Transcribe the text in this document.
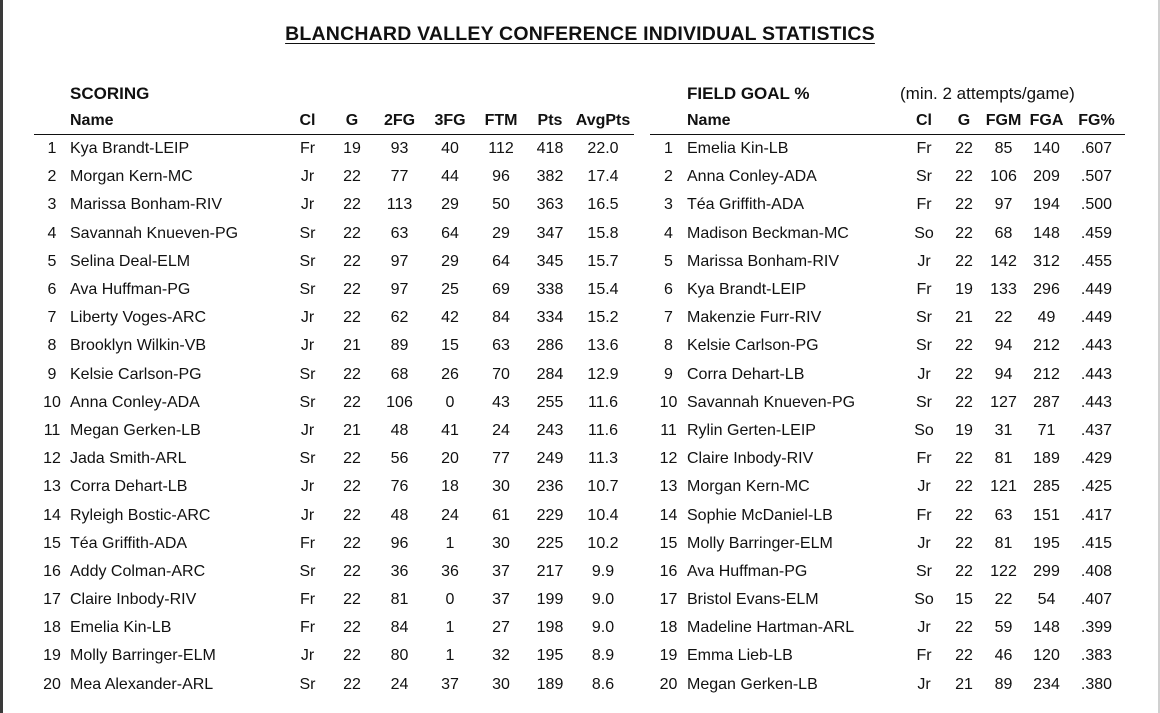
BLANCHARD VALLEY CONFERENCE INDIVIDUAL STATISTICS
SCORING	FIELD GOAL %	(min. 2 attempts/game)
	Name	Cl	G	2FG	3FG	FTM	Pts	AvgPts
1	Kya Brandt-LEIP	Fr	19	93	40	112	418	22.0
2	Morgan Kern-MC	Jr	22	77	44	96	382	17.4
3	Marissa Bonham-RIV	Jr	22	113	29	50	363	16.5
4	Savannah Knueven-PG	Sr	22	63	64	29	347	15.8
5	Selina Deal-ELM	Sr	22	97	29	64	345	15.7
6	Ava Huffman-PG	Sr	22	97	25	69	338	15.4
7	Liberty Voges-ARC	Jr	22	62	42	84	334	15.2
8	Brooklyn Wilkin-VB	Jr	21	89	15	63	286	13.6
9	Kelsie Carlson-PG	Sr	22	68	26	70	284	12.9
10	Anna Conley-ADA	Sr	22	106	0	43	255	11.6
11	Megan Gerken-LB	Jr	21	48	41	24	243	11.6
12	Jada Smith-ARL	Sr	22	56	20	77	249	11.3
13	Corra Dehart-LB	Jr	22	76	18	30	236	10.7
14	Ryleigh Bostic-ARC	Jr	22	48	24	61	229	10.4
15	Téa Griffith-ADA	Fr	22	96	1	30	225	10.2
16	Addy Colman-ARC	Sr	22	36	36	37	217	9.9
17	Claire Inbody-RIV	Fr	22	81	0	37	199	9.0
18	Emelia Kin-LB	Fr	22	84	1	27	198	9.0
19	Molly Barringer-ELM	Jr	22	80	1	32	195	8.9
20	Mea Alexander-ARL	Sr	22	24	37	30	189	8.6
	Name	Cl	G	FGM	FGA	FG%
1	Emelia Kin-LB	Fr	22	85	140	.607
2	Anna Conley-ADA	Sr	22	106	209	.507
3	Téa Griffith-ADA	Fr	22	97	194	.500
4	Madison Beckman-MC	So	22	68	148	.459
5	Marissa Bonham-RIV	Jr	22	142	312	.455
6	Kya Brandt-LEIP	Fr	19	133	296	.449
7	Makenzie Furr-RIV	Sr	21	22	49	.449
8	Kelsie Carlson-PG	Sr	22	94	212	.443
9	Corra Dehart-LB	Jr	22	94	212	.443
10	Savannah Knueven-PG	Sr	22	127	287	.443
11	Rylin Gerten-LEIP	So	19	31	71	.437
12	Claire Inbody-RIV	Fr	22	81	189	.429
13	Morgan Kern-MC	Jr	22	121	285	.425
14	Sophie McDaniel-LB	Fr	22	63	151	.417
15	Molly Barringer-ELM	Jr	22	81	195	.415
16	Ava Huffman-PG	Sr	22	122	299	.408
17	Bristol Evans-ELM	So	15	22	54	.407
18	Madeline Hartman-ARL	Jr	22	59	148	.399
19	Emma Lieb-LB	Fr	22	46	120	.383
20	Megan Gerken-LB	Jr	21	89	234	.380
